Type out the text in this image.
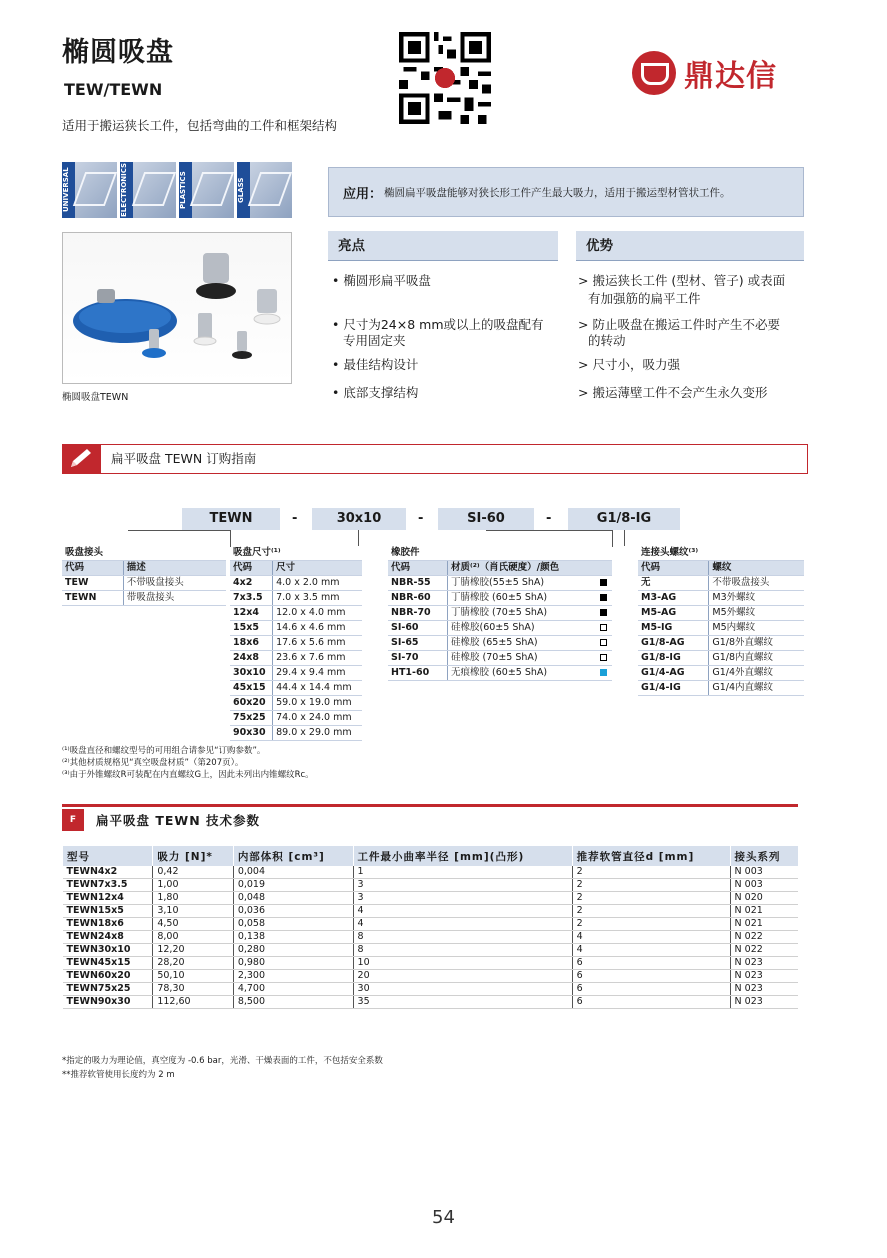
椭圆吸盘
TEW/TEWN
适用于搬运狭长工件，包括弯曲的工件和框架结构
鼎达信
UNIVERSAL	ELECTRONICS	PLASTICS	GLASS
椭圆吸盘TEWN
应用： 椭圆扁平吸盘能够对狭长形工件产生最大吸力，适用于搬运型材管状工件。
亮点	优势
• 椭圆形扁平吸盘
• 尺寸为24×8 mm或以上的吸盘配有
专用固定夹
• 最佳结构设计
• 底部支撑结构
> 搬运狭长工件 (型材、管子) 或表面
有加强筋的扁平工件
> 防止吸盘在搬运工件时产生不必要
的转动
> 尺寸小，吸力强
> 搬运薄壁工件不会产生永久变形
扁平吸盘 TEWN 订购指南
TEWN	-	30x10	-	SI-60	-	G1/8-IG
吸盘接头	
代码	描述
TEW	不带吸盘接头
TEWN	带吸盘接头
吸盘尺寸⁽¹⁾	
代码	尺寸
4x2	4.0 x 2.0 mm
7x3.5	7.0 x 3.5 mm
12x4	12.0 x 4.0 mm
15x5	14.6 x 4.6 mm
18x6	17.6 x 5.6 mm
24x8	23.6 x 7.6 mm
30x10	29.4 x 9.4 mm
45x15	44.4 x 14.4 mm
60x20	59.0 x 19.0 mm
75x25	74.0 x 24.0 mm
90x30	89.0 x 29.0 mm
橡胶件		
代码	材质⁽²⁾（肖氏硬度）/颜色	
NBR-55	丁腈橡胶(55±5 ShA)	
NBR-60	丁腈橡胶 (60±5 ShA)	
NBR-70	丁腈橡胶 (70±5 ShA)	
SI-60	硅橡胶(60±5 ShA)	
SI-65	硅橡胶 (65±5 ShA)	
SI-70	硅橡胶 (70±5 ShA)	
HT1-60	无痕橡胶 (60±5 ShA)	
连接头螺纹⁽³⁾	
代码	螺纹
无	不带吸盘接头
M3-AG	M3外螺纹
M5-AG	M5外螺纹
M5-IG	M5内螺纹
G1/8-AG	G1/8外直螺纹
G1/8-IG	G1/8内直螺纹
G1/4-AG	G1/4外直螺纹
G1/4-IG	G1/4内直螺纹
⁽¹⁾吸盘直径和螺纹型号的可用组合请参见“订购参数”。
⁽²⁾其他材质规格见“真空吸盘材质”（第207页）。
⁽³⁾由于外锥螺纹R可装配在内直螺纹G上，因此未列出内锥螺纹Rc。
F	扁平吸盘 TEWN 技术参数
型号	吸力 [N]*	内部体积 [cm³]	工件最小曲率半径 [mm](凸形)	推荐软管直径d [mm]	接头系列
TEWN4x2	0,42	0,004	1	2	N 003
TEWN7x3.5	1,00	0,019	3	2	N 003
TEWN12x4	1,80	0,048	3	2	N 020
TEWN15x5	3,10	0,036	4	2	N 021
TEWN18x6	4,50	0,058	4	2	N 021
TEWN24x8	8,00	0,138	8	4	N 022
TEWN30x10	12,20	0,280	8	4	N 022
TEWN45x15	28,20	0,980	10	6	N 023
TEWN60x20	50,10	2,300	20	6	N 023
TEWN75x25	78,30	4,700	30	6	N 023
TEWN90x30	112,60	8,500	35	6	N 023
*指定的吸力为理论值，真空度为 -0.6 bar，光滑、干燥表面的工件，不包括安全系数
**推荐软管使用长度约为 2 m
54
